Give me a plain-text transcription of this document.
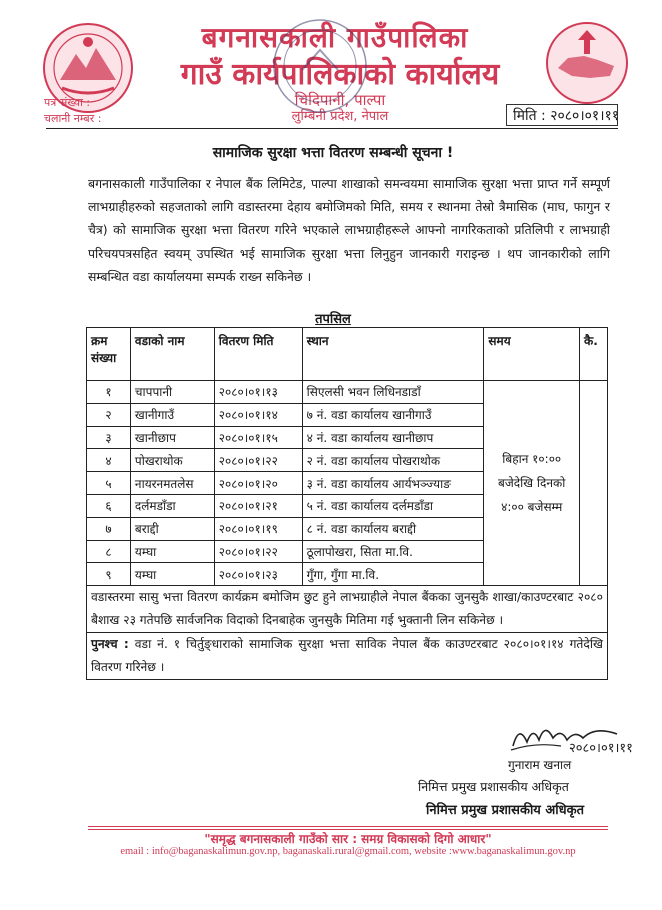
बगनासकाली गाउँपालिका
गाउँ कार्यपालिकाको कार्यालय
चिदिपानी, पाल्पा
लुम्बिनी प्रदेश, नेपाल
पत्र संख्या :
चलानी नम्बर :	मिति : २०८०।०१।११
सामाजिक सुरक्षा भत्ता वितरण सम्बन्धी सूचना !
बगनासकाली गाउँपालिका र नेपाल बैंक लिमिटेड, पाल्पा शाखाको समन्वयमा सामाजिक सुरक्षा भत्ता प्राप्त गर्ने सम्पूर्ण लाभग्राहीहरुको सहजताको लागि वडास्तरमा देहाय बमोजिमको मिति, समय र स्थानमा तेस्रो त्रैमासिक (माघ, फागुन र चैत्र) को सामाजिक सुरक्षा भत्ता वितरण गरिने भएकाले लाभग्राहीहरूले आफ्नो नागरिकताको प्रतिलिपी र लाभग्राही परिचयपत्रसहित स्वयम् उपस्थित भई सामाजिक सुरक्षा भत्ता लिनुहुन जानकारी गराइन्छ । थप जानकारीको लागि सम्बन्धित वडा कार्यालयमा सम्पर्क राख्न सकिनेछ ।
तपसिल
क्रम संख्या	वडाको नाम	वितरण मिति	स्थान	समय	कै.
१	चापपानी	२०८०।०१।१३	सिएलसी भवन लिधिनडाडाँ	बिहान १०:०० बजेदेखि दिनको ४:०० बजेसम्म	
२	खानीगाउँ	२०८०।०१।१४	७ नं. वडा कार्यालय खानीगाउँ		
३	खानीछाप	२०८०।०१।१५	४ नं. वडा कार्यालय खानीछाप		
४	पोखराथोक	२०८०।०१।२२	२ नं. वडा कार्यालय पोखराथोक		
५	नायरनमतलेस	२०८०।०१।२०	३ नं. वडा कार्यालय आर्यभञ्ज्याङ		
६	दर्लमडाँडा	२०८०।०१।२१	५ नं. वडा कार्यालय दर्लमडाँडा		
७	बराद्दी	२०८०।०१।१९	८ नं. वडा कार्यालय बराद्दी		
८	यम्घा	२०८०।०१।२२	ठूलापोखरा, सिता मा.वि.		
९	यम्घा	२०८०।०१।२३	गुँगा, गुँगा मा.वि.		
वडास्तरमा सासु भत्ता वितरण कार्यक्रम बमोजिम छुट हुने लाभग्राहीले नेपाल बैंकका जुनसुकै शाखा/काउण्टरबाट २०८० बैशाख २३ गतेपछि सार्वजनिक विदाको दिनबाहेक जुनसुकै मितिमा गई भुक्तानी लिन सकिनेछ ।					
पुनश्च : वडा नं. १ चिर्तुङ्धाराको सामाजिक सुरक्षा भत्ता साविक नेपाल बैंक काउण्टरबाट २०८०।०१।१४ गतेदेखि वितरण गरिनेछ ।					
२०८०।०१।११
गुनाराम खनाल
निमित्त प्रमुख प्रशासकीय अधिकृत
निमित्त प्रमुख प्रशासकीय अधिकृत
"समृद्ध बगनासकाली गाउँको सार : समग्र विकासको दिगो आधार"
email : info@baganaskalimun.gov.np, baganaskali.rural@gmail.com, website :www.baganaskalimun.gov.np
